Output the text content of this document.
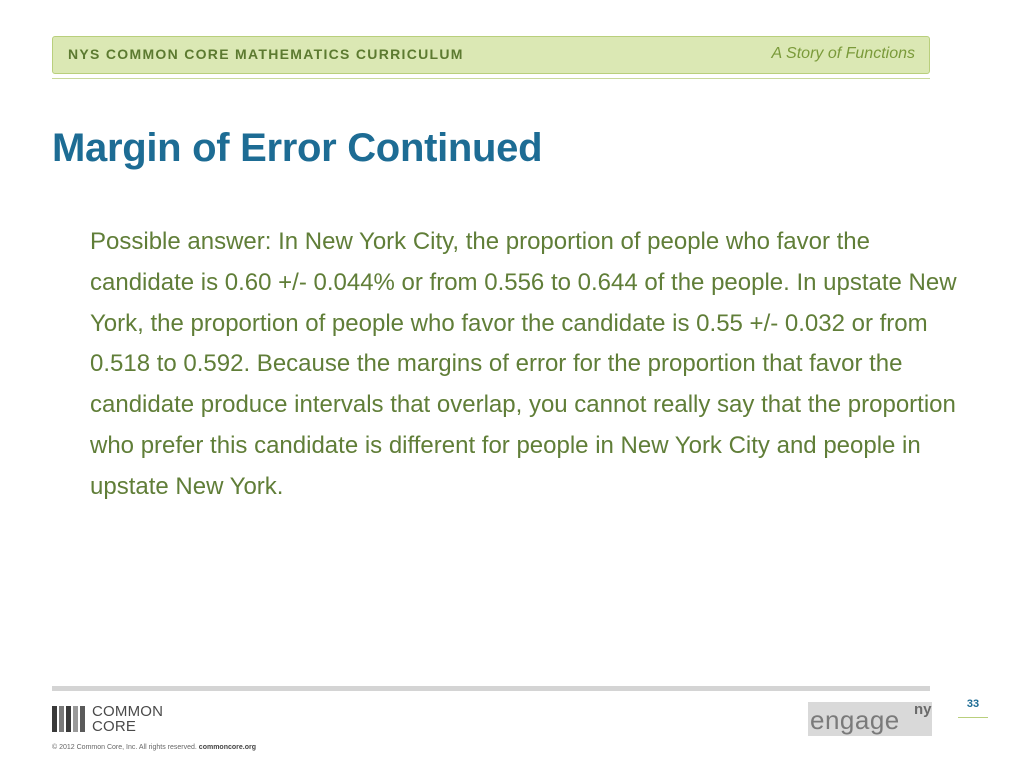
NYS COMMON CORE MATHEMATICS CURRICULUM	A Story of Functions
Margin of Error Continued

Possible answer: In New York City, the proportion of people who favor the candidate is 0.60 +/- 0.044% or from 0.556 to 0.644 of the people. In upstate New York, the proportion of people who favor the candidate is 0.55 +/- 0.032 or from 0.518 to 0.592. Because the margins of error for the proportion that favor the candidate produce intervals that overlap, you cannot really say that the proportion who prefer this candidate is different for people in New York City and people in upstate New York.

COMMON
CORE
© 2012 Common Core, Inc. All rights reserved. commoncore.org
engage ny	33
